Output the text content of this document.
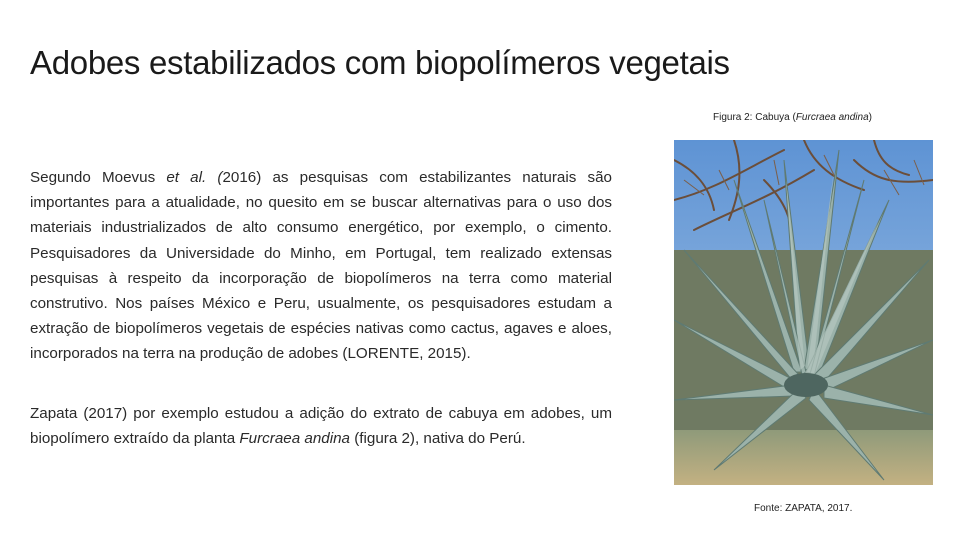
Adobes estabilizados com biopolímeros vegetais
Figura 2: Cabuya (Furcraea andina)
Fonte: ZAPATA, 2017.

Segundo Moevus et al. (2016) as pesquisas com estabilizantes naturais são importantes para a atualidade, no quesito em se buscar alternativas para o uso dos materiais industrializados de alto consumo energético, por exemplo, o cimento. Pesquisadores da Universidade do Minho, em Portugal, tem realizado extensas pesquisas à respeito da incorporação de biopolímeros na terra como material construtivo. Nos países México e Peru, usualmente, os pesquisadores estudam a extração de biopolímeros vegetais de espécies nativas como cactus, agaves e aloes, incorporados na terra na produção de adobes (LORENTE, 2015).

Zapata (2017) por exemplo estudou a adição do extrato de cabuya em adobes, um biopolímero extraído da planta Furcraea andina (figura 2), nativa do Perú.
